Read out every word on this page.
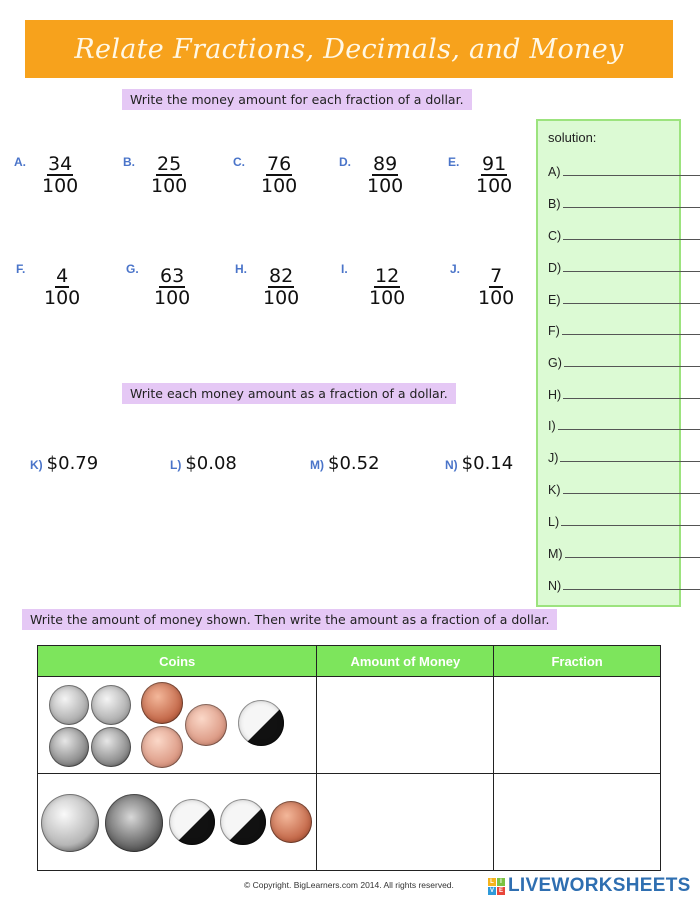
Relate Fractions, Decimals, and Money
Write the money amount for each fraction of a dollar.
A. $\frac{34}{100}$	B. $\frac{25}{100}$	C. $\frac{76}{100}$	D. $\frac{89}{100}$	E. $\frac{91}{100}$
F. $\frac{4}{100}$	G. $\frac{63}{100}$	H. $\frac{82}{100}$	I. $\frac{12}{100}$	J. $\frac{7}{100}$
Write each money amount as a fraction of a dollar.
K) $0.79	L) $0.08	M) $0.52	N) $0.14
solution:
A)
B)
C)
D)
E)
F)
G)
H)
I)
J)
K)
L)
M)
N)
Write the amount of money shown. Then write the amount as a fraction of a dollar.
Coins	Amount of Money	Fraction

© Copyright. BigLearners.com 2014. All rights reserved.	L	I
V E LIVEWORKSHEETS
